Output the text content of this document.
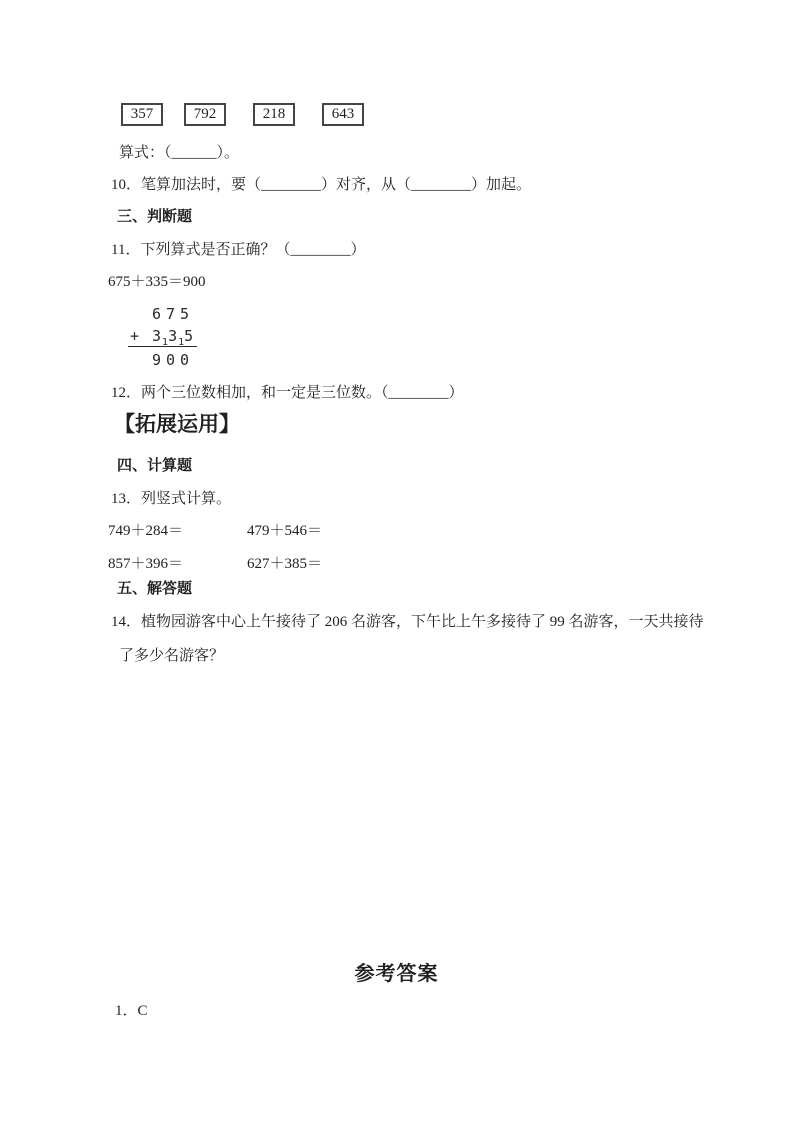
357	792	218	643
算式：（______）。
10．笔算加法时，要（________）对齐，从（________）加起。
三、判断题
11．下列算式是否正确？（________）
675＋335＝900
675
+ $3_13_15$
900
12．两个三位数相加，和一定是三位数。（________）
【拓展运用】
四、计算题
13．列竖式计算。
749＋284＝	479＋546＝
857＋396＝	627＋385＝
五、解答题
14．植物园游客中心上午接待了 206 名游客，下午比上午多接待了 99 名游客，一天共接待
了多少名游客？
参考答案
1．C
